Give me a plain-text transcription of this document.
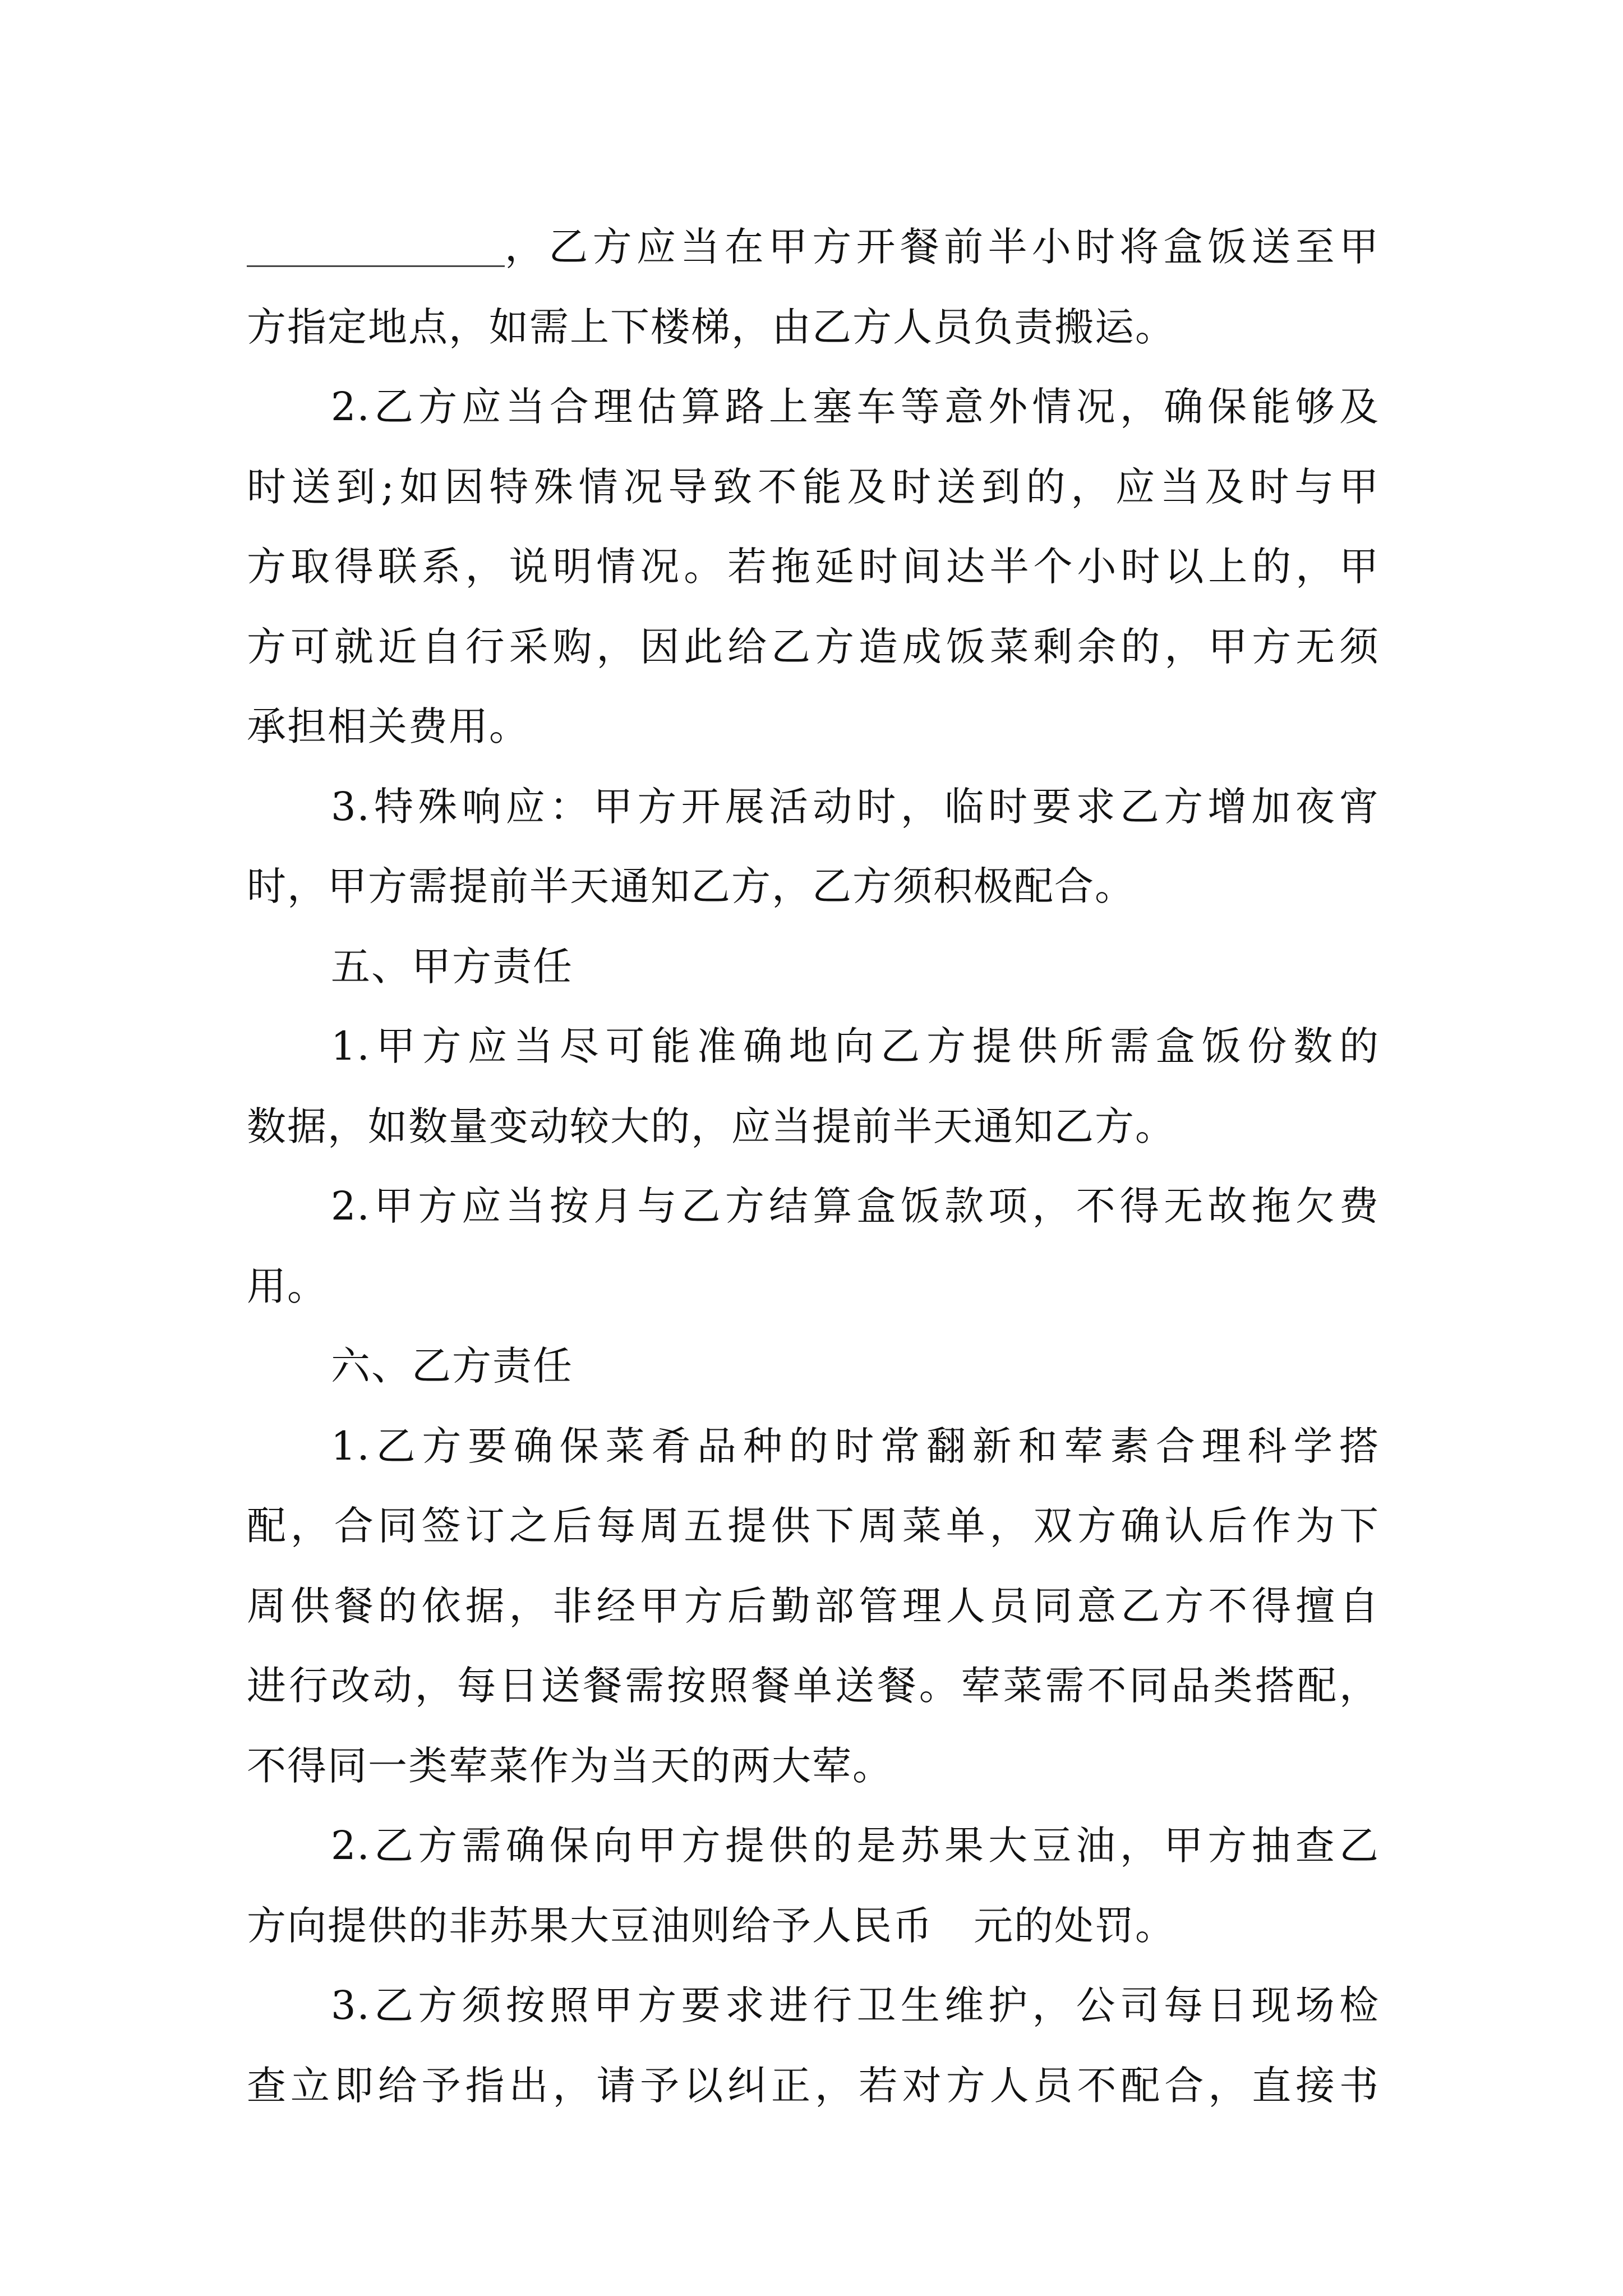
，乙方应当在甲方开餐前半小时将盒饭送至甲
方指定地点，如需上下楼梯，由乙方人员负责搬运。
2.乙方应当合理估算路上塞车等意外情况，确保能够及
时送到;如因特殊情况导致不能及时送到的，应当及时与甲
方取得联系，说明情况。若拖延时间达半个小时以上的，甲
方可就近自行采购，因此给乙方造成饭菜剩余的，甲方无须
承担相关费用。
3.特殊响应：甲方开展活动时，临时要求乙方增加夜宵
时，甲方需提前半天通知乙方，乙方须积极配合。
五、甲方责任
1.甲方应当尽可能准确地向乙方提供所需盒饭份数的
数据，如数量变动较大的，应当提前半天通知乙方。
2.甲方应当按月与乙方结算盒饭款项，不得无故拖欠费
用。
六、乙方责任
1.乙方要确保菜肴品种的时常翻新和荤素合理科学搭
配，合同签订之后每周五提供下周菜单，双方确认后作为下
周供餐的依据，非经甲方后勤部管理人员同意乙方不得擅自
进行改动，每日送餐需按照餐单送餐。荤菜需不同品类搭配，
不得同一类荤菜作为当天的两大荤。
2.乙方需确保向甲方提供的是苏果大豆油，甲方抽查乙
方向提供的非苏果大豆油则给予人民币　元的处罚。
3.乙方须按照甲方要求进行卫生维护，公司每日现场检
查立即给予指出，请予以纠正，若对方人员不配合，直接书
